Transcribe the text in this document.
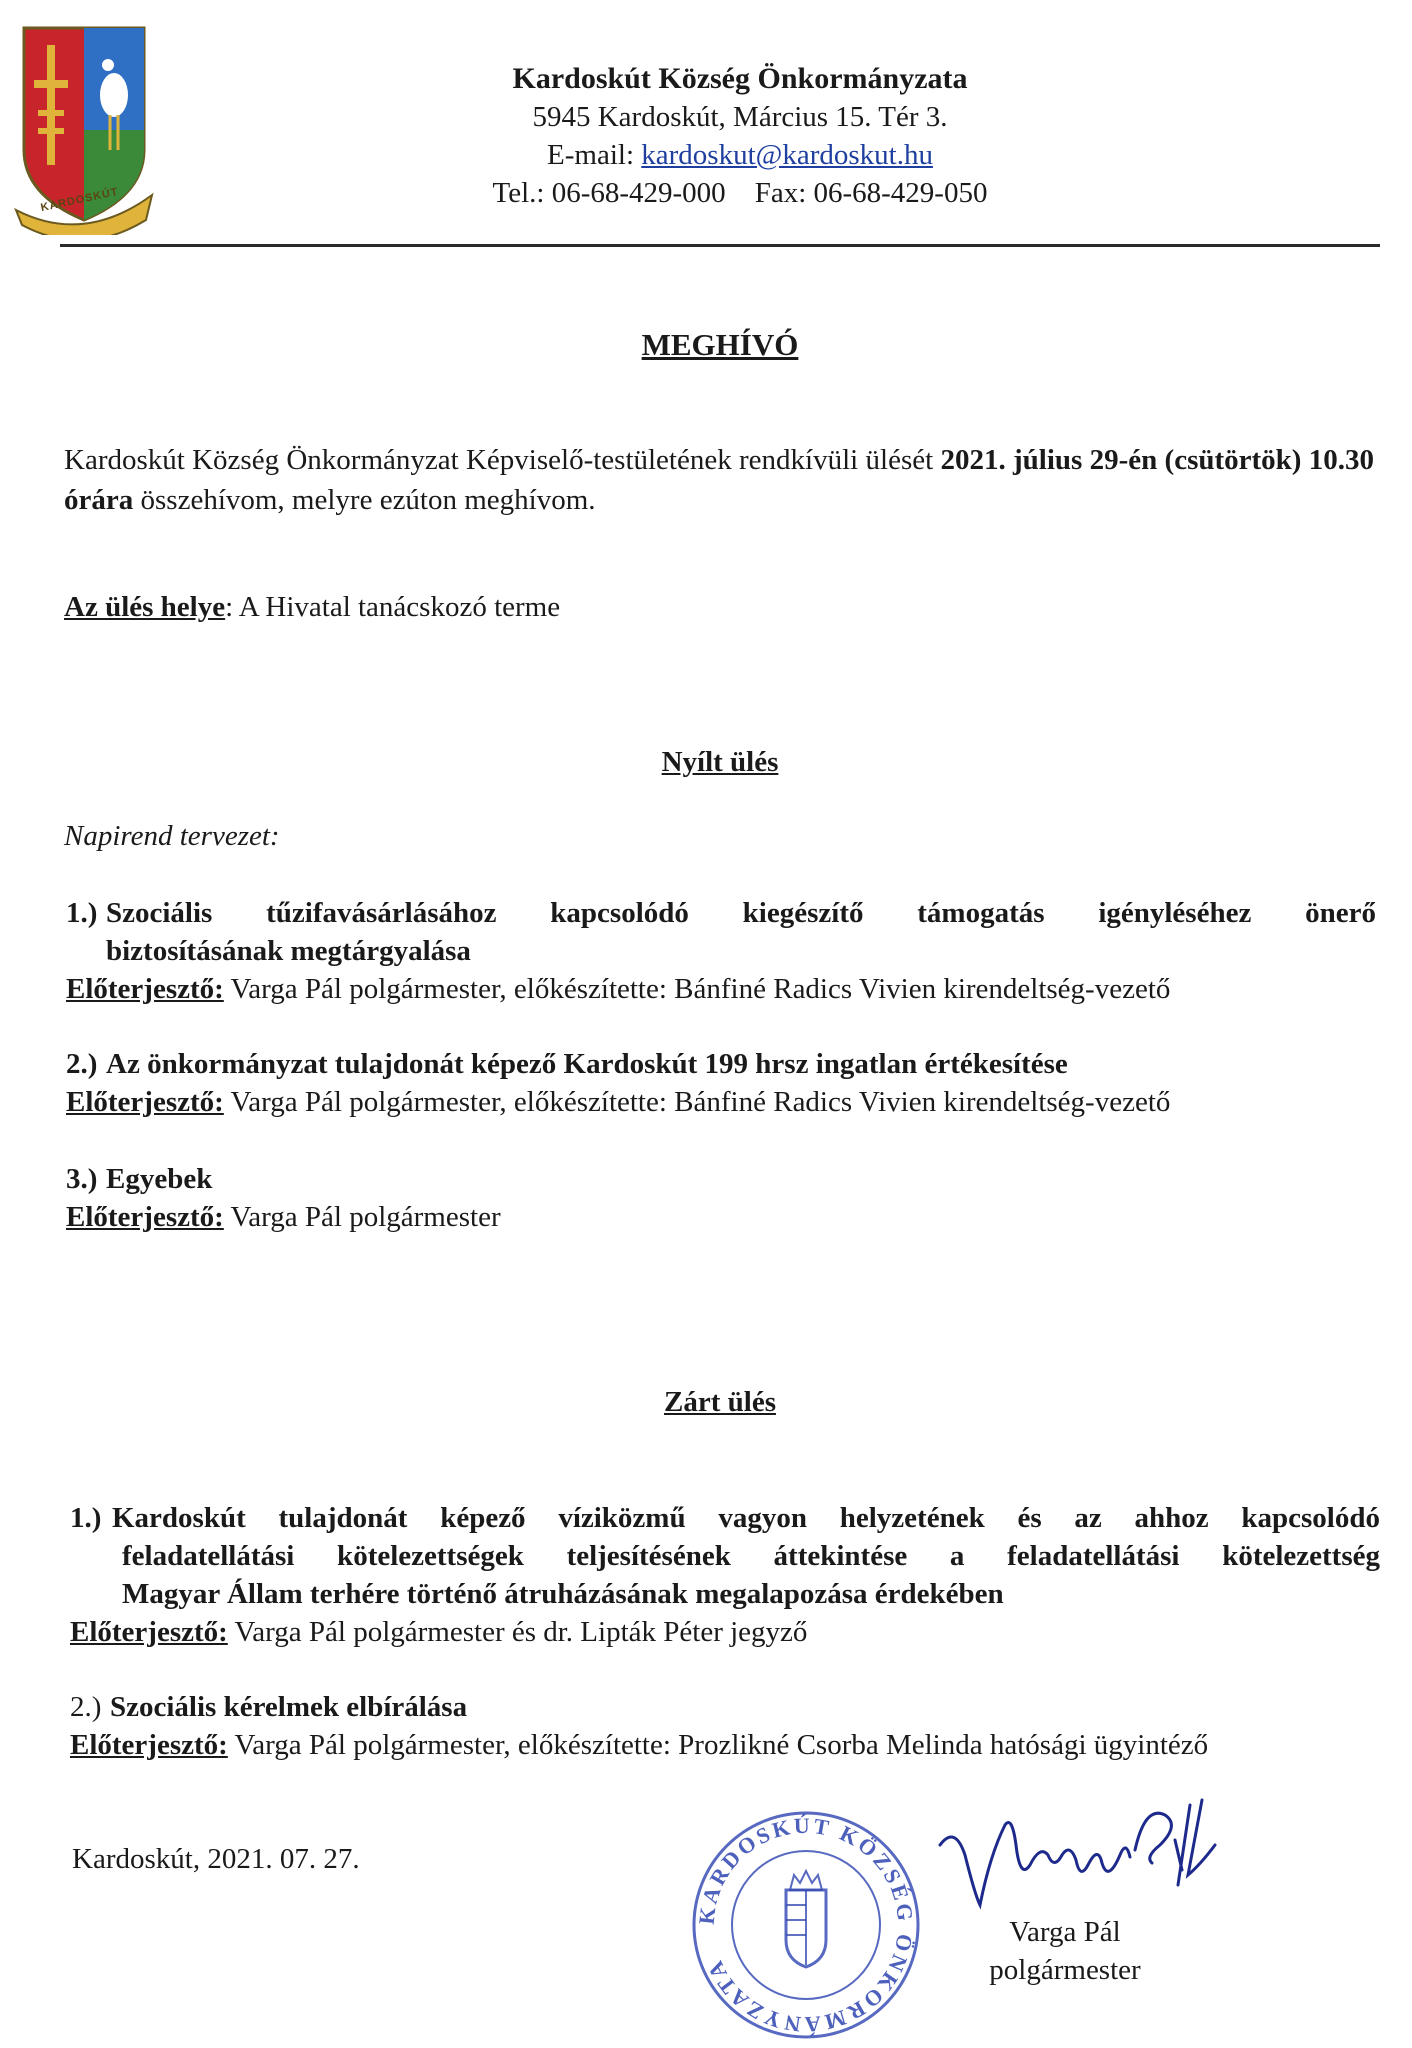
KARDOSKÚT
Kardoskút Község Önkormányzata
5945 Kardoskút, Március 15. Tér 3.
E-mail: kardoskut@kardoskut.hu
Tel.: 06-68-429-000 Fax: 06-68-429-050
MEGHÍVÓ
Kardoskút Község Önkormányzat Képviselő-testületének rendkívüli ülését 2021. július 29-én (csütörtök) 10.30 órára összehívom, melyre ezúton meghívom.
Az ülés helye: A Hivatal tanácskozó terme
Nyílt ülés
Napirend tervezet:
1.) Szociális tűzifavásárlásához kapcsolódó kiegészítő támogatás igényléséhez önerő
biztosításának megtárgyalása
Előterjesztő: Varga Pál polgármester, előkészítette: Bánfiné Radics Vivien kirendeltség-vezető
2.) Az önkormányzat tulajdonát képező Kardoskút 199 hrsz ingatlan értékesítése
Előterjesztő: Varga Pál polgármester, előkészítette: Bánfiné Radics Vivien kirendeltség-vezető
3.) Egyebek
Előterjesztő: Varga Pál polgármester
Zárt ülés
1.) Kardoskút tulajdonát képező víziközmű vagyon helyzetének és az ahhoz kapcsolódó
feladatellátási kötelezettségek teljesítésének áttekintése a feladatellátási kötelezettség
Magyar Állam terhére történő átruházásának megalapozása érdekében
Előterjesztő: Varga Pál polgármester és dr. Lipták Péter jegyző
2.) Szociális kérelmek elbírálása
Előterjesztő: Varga Pál polgármester, előkészítette: Prozlikné Csorba Melinda hatósági ügyintéző
Kardoskút, 2021. 07. 27.
KARDOSKÚT KÖZSÉG ÖNKORMÁNYZATA
Varga Pál
polgármester
